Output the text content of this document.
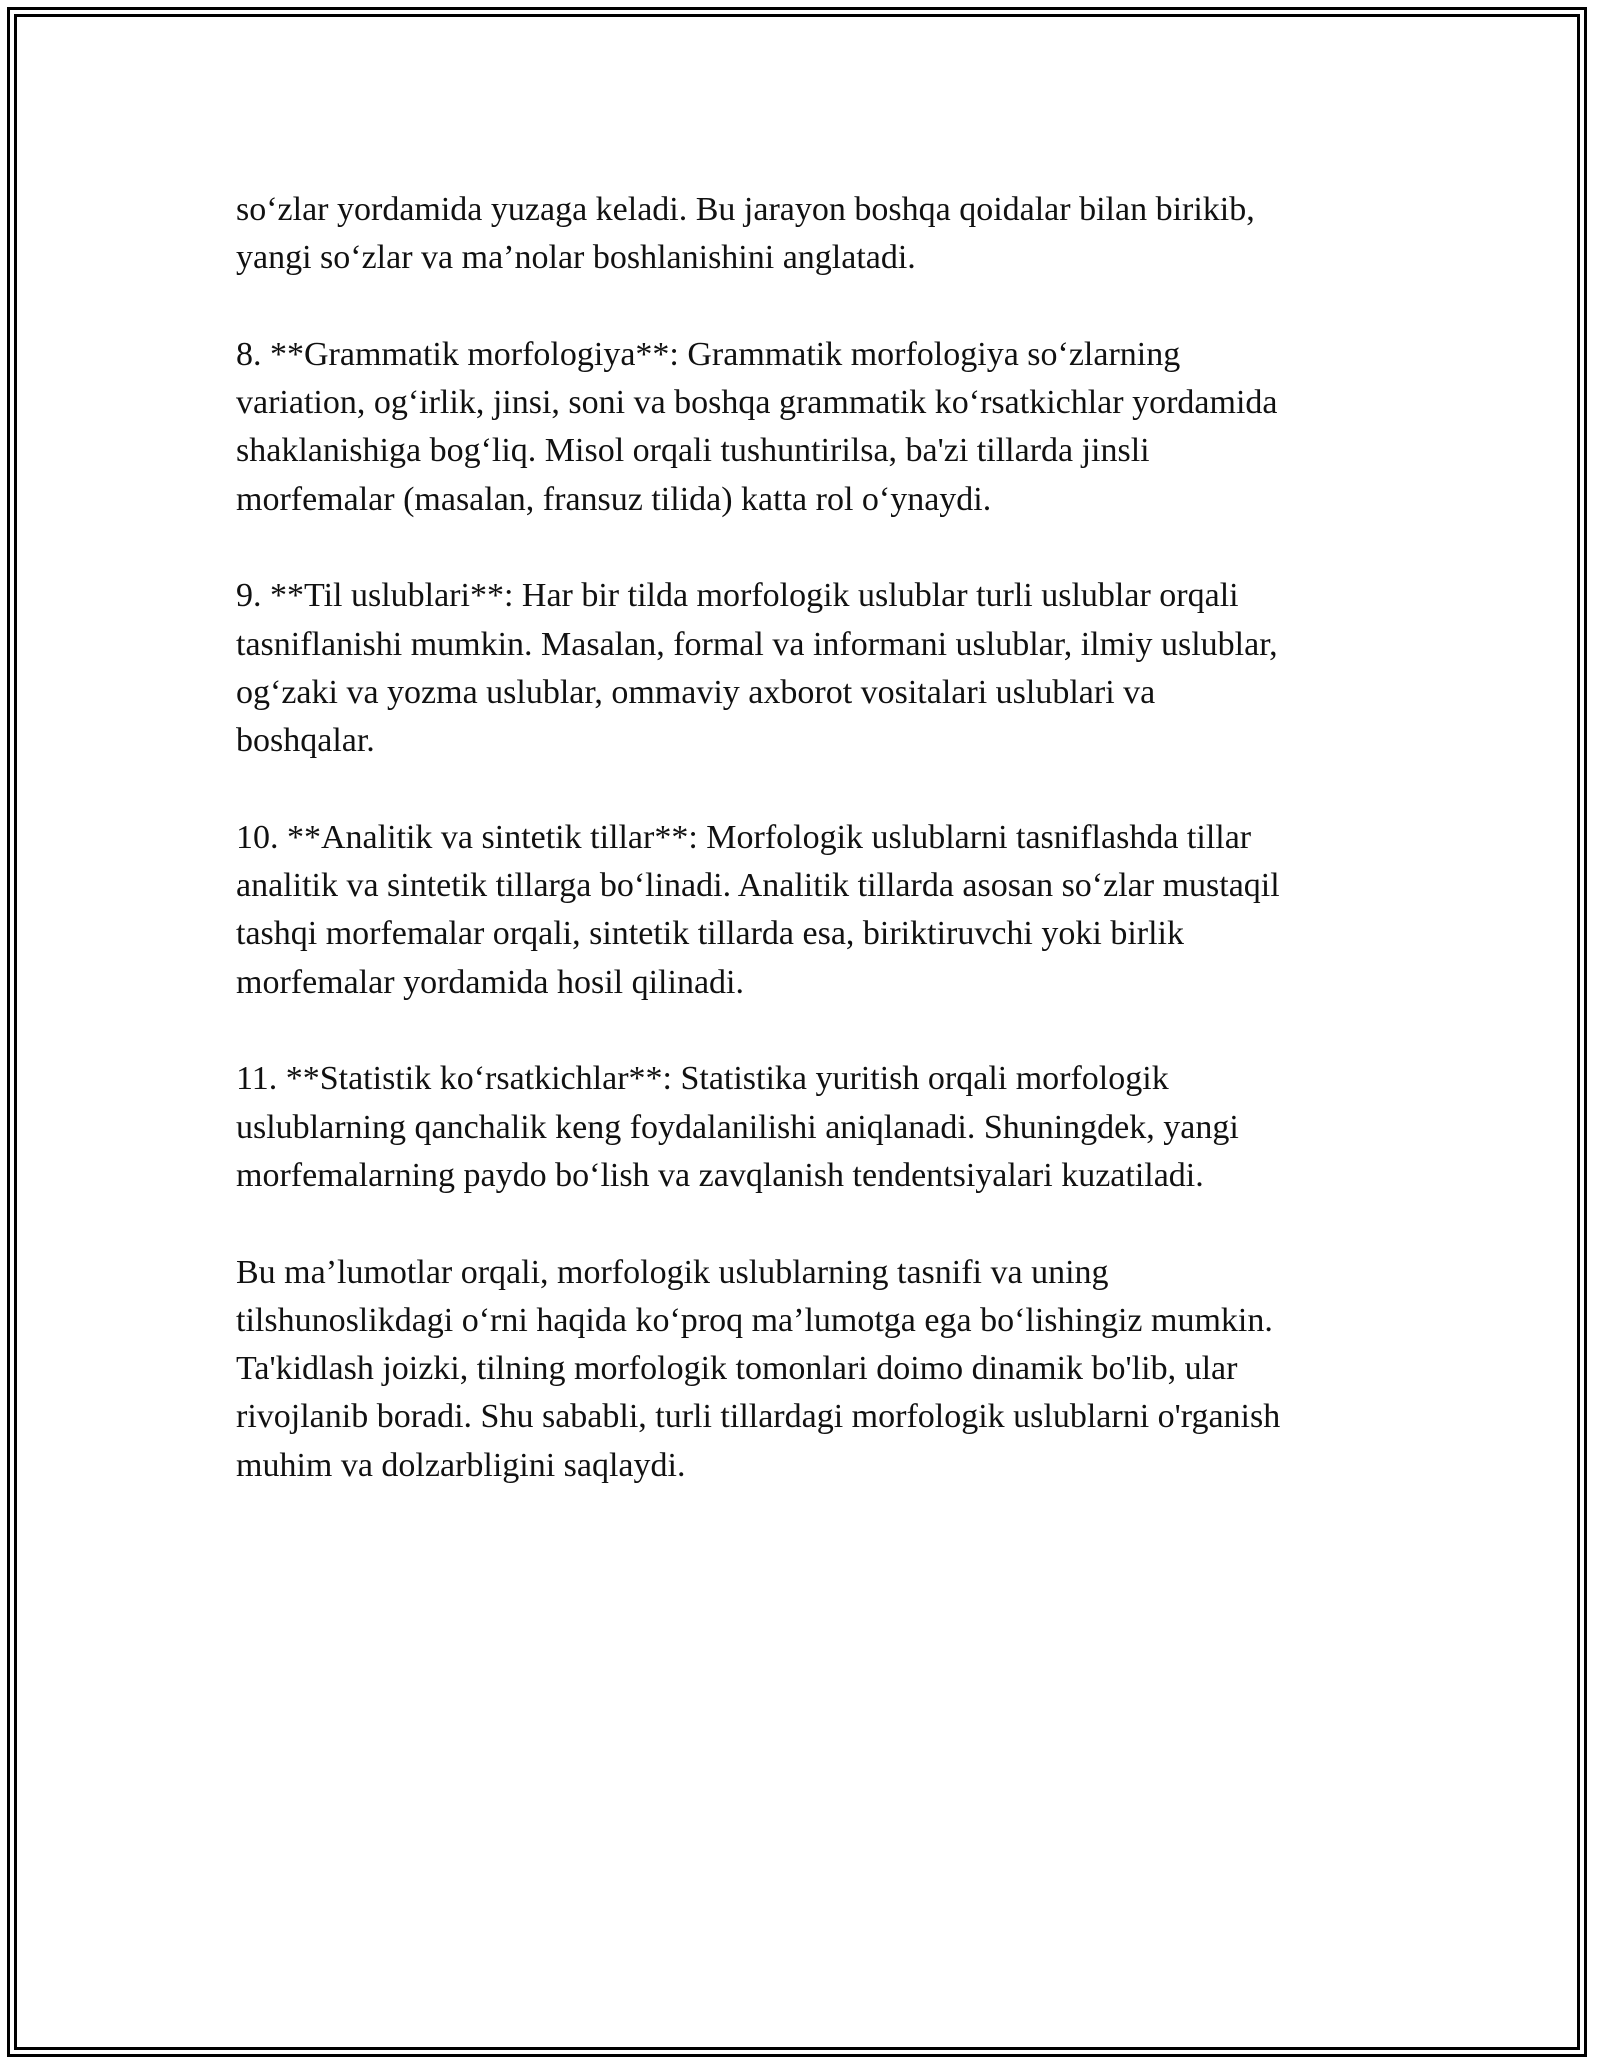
so‘zlar yordamida yuzaga keladi. Bu jarayon boshqa qoidalar bilan birikib,
yangi so‘zlar va ma’nolar boshlanishini anglatadi.

8. **Grammatik morfologiya**: Grammatik morfologiya so‘zlarning
variation, og‘irlik, jinsi, soni va boshqa grammatik ko‘rsatkichlar yordamida
shaklanishiga bog‘liq. Misol orqali tushuntirilsa, ba'zi tillarda jinsli
morfemalar (masalan, fransuz tilida) katta rol o‘ynaydi.

9. **Til uslublari**: Har bir tilda morfologik uslublar turli uslublar orqali
tasniflanishi mumkin. Masalan, formal va informani uslublar, ilmiy uslublar,
og‘zaki va yozma uslublar, ommaviy axborot vositalari uslublari va
boshqalar.

10. **Analitik va sintetik tillar**: Morfologik uslublarni tasniflashda tillar
analitik va sintetik tillarga bo‘linadi. Analitik tillarda asosan so‘zlar mustaqil
tashqi morfemalar orqali, sintetik tillarda esa, biriktiruvchi yoki birlik
morfemalar yordamida hosil qilinadi.

11. **Statistik ko‘rsatkichlar**: Statistika yuritish orqali morfologik
uslublarning qanchalik keng foydalanilishi aniqlanadi. Shuningdek, yangi
morfemalarning paydo bo‘lish va zavqlanish tendentsiyalari kuzatiladi.

Bu ma’lumotlar orqali, morfologik uslublarning tasnifi va uning
tilshunoslikdagi o‘rni haqida ko‘proq ma’lumotga ega bo‘lishingiz mumkin.
Ta'kidlash joizki, tilning morfologik tomonlari doimo dinamik bo'lib, ular
rivojlanib boradi. Shu sababli, turli tillardagi morfologik uslublarni o'rganish
muhim va dolzarbligini saqlaydi.
